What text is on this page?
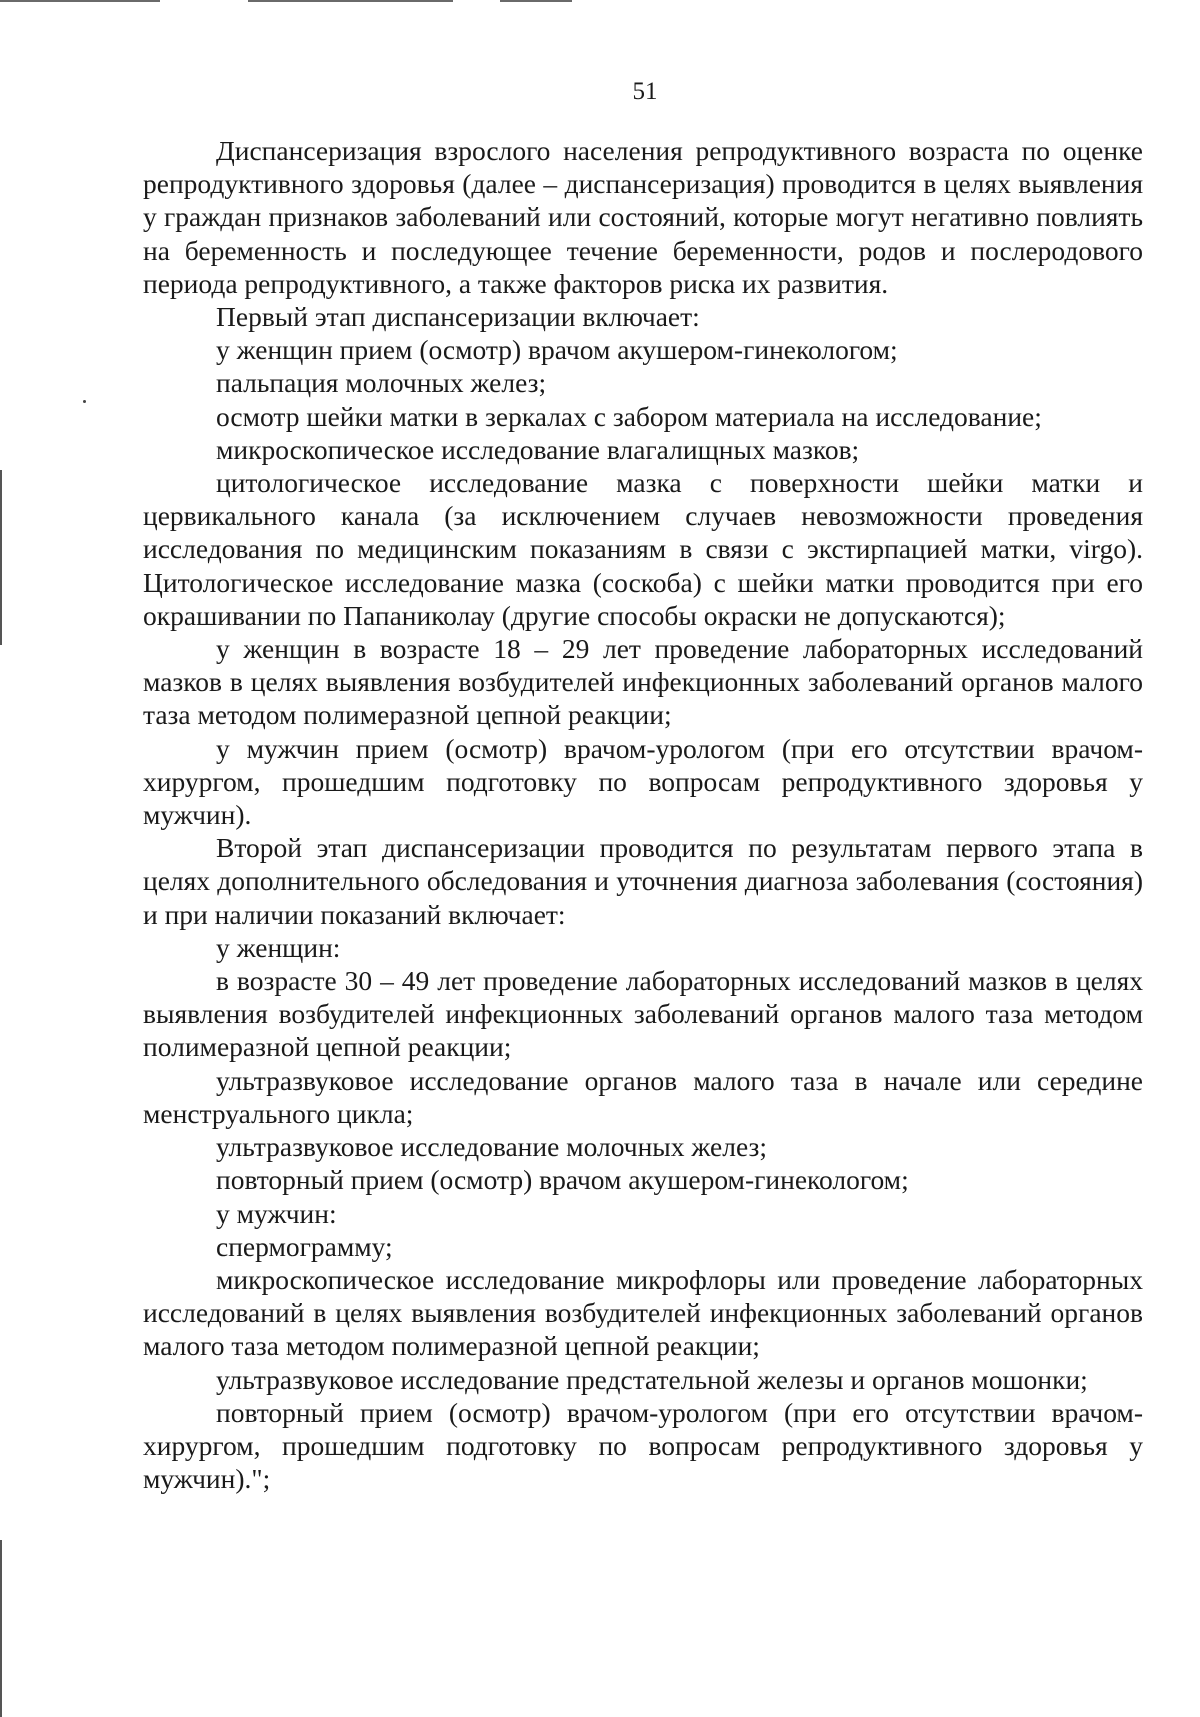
51

Диспансеризация взрослого населения репродуктивного возраста по оценке репродуктивного здоровья (далее – диспансеризация) проводится в целях выявления у граждан признаков заболеваний или состояний, которые могут негативно повлиять на беременность и последующее течение беременности, родов и послеродового периода репродуктивного, а также факторов риска их развития.

Первый этап диспансеризации включает:

у женщин прием (осмотр) врачом акушером-гинекологом;

пальпация молочных желез;

осмотр шейки матки в зеркалах с забором материала на исследование;

микроскопическое исследование влагалищных мазков;

цитологическое исследование мазка с поверхности шейки матки и цервикального канала (за исключением случаев невозможности проведения исследования по медицинским показаниям в связи с экстирпацией матки, virgo). Цитологическое исследование мазка (соскоба) с шейки матки проводится при его окрашивании по Папаниколау (другие способы окраски не допускаются);

у женщин в возрасте 18 – 29 лет проведение лабораторных исследований мазков в целях выявления возбудителей инфекционных заболеваний органов малого таза методом полимеразной цепной реакции;

у мужчин прием (осмотр) врачом-урологом (при его отсутствии врачом-хирургом, прошедшим подготовку по вопросам репродуктивного здоровья у мужчин).

Второй этап диспансеризации проводится по результатам первого этапа в целях дополнительного обследования и уточнения диагноза заболевания (состояния) и при наличии показаний включает:

у женщин:

в возрасте 30 – 49 лет проведение лабораторных исследований мазков в целях выявления возбудителей инфекционных заболеваний органов малого таза методом полимеразной цепной реакции;

ультразвуковое исследование органов малого таза в начале или середине менструального цикла;

ультразвуковое исследование молочных желез;

повторный прием (осмотр) врачом акушером-гинекологом;

у мужчин:

спермограмму;

микроскопическое исследование микрофлоры или проведение лабораторных исследований в целях выявления возбудителей инфекционных заболеваний органов малого таза методом полимеразной цепной реакции;

ультразвуковое исследование предстательной железы и органов мошонки;

повторный прием (осмотр) врачом-урологом (при его отсутствии врачом-хирургом, прошедшим подготовку по вопросам репродуктивного здоровья у мужчин).";
